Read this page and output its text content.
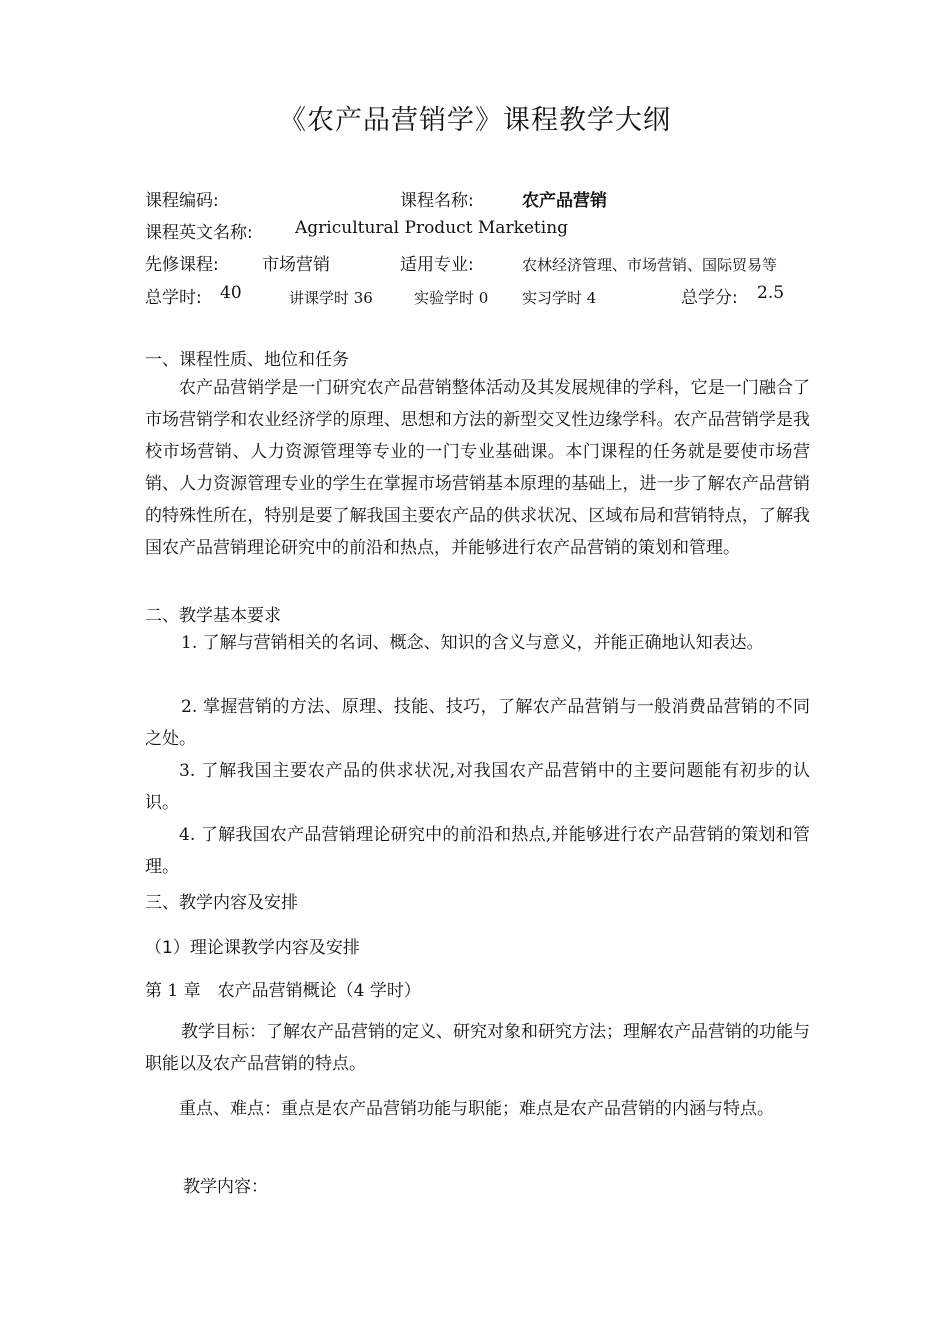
《农产品营销学》课程教学大纲
课程编码:	课程名称:	农产品营销
课程英文名称: Agricultural Product Marketing
先修课程:	市场营销	适用专业:	农林经济管理、市场营销、国际贸易等
总学时: 40	讲课学时 36	实验学时 0 实习学时 4	总学分: 2.5
一、课程性质、地位和任务
农产品营销学是一门研究农产品营销整体活动及其发展规律的学科，它是一门融合了市场营销学和农业经济学的原理、思想和方法的新型交叉性边缘学科。农产品营销学是我校市场营销、人力资源管理等专业的一门专业基础课。本门课程的任务就是要使市场营销、人力资源管理专业的学生在掌握市场营销基本原理的基础上，进一步了解农产品营销的特殊性所在，特别是要了解我国主要农产品的供求状况、区域布局和营销特点，了解我国农产品营销理论研究中的前沿和热点，并能够进行农产品营销的策划和管理。
二、教学基本要求
1. 了解与营销相关的名词、概念、知识的含义与意义，并能正确地认知表达。
2. 掌握营销的方法、原理、技能、技巧，了解农产品营销与一般消费品营销的不同之处。
3. 了解我国主要农产品的供求状况,对我国农产品营销中的主要问题能有初步的认识。
4. 了解我国农产品营销理论研究中的前沿和热点,并能够进行农产品营销的策划和管理。
三、教学内容及安排
（1）理论课教学内容及安排
第 1 章　农产品营销概论（4 学时）
教学目标：了解农产品营销的定义、研究对象和研究方法；理解农产品营销的功能与职能以及农产品营销的特点。
重点、难点：重点是农产品营销功能与职能；难点是农产品营销的内涵与特点。
教学内容：
